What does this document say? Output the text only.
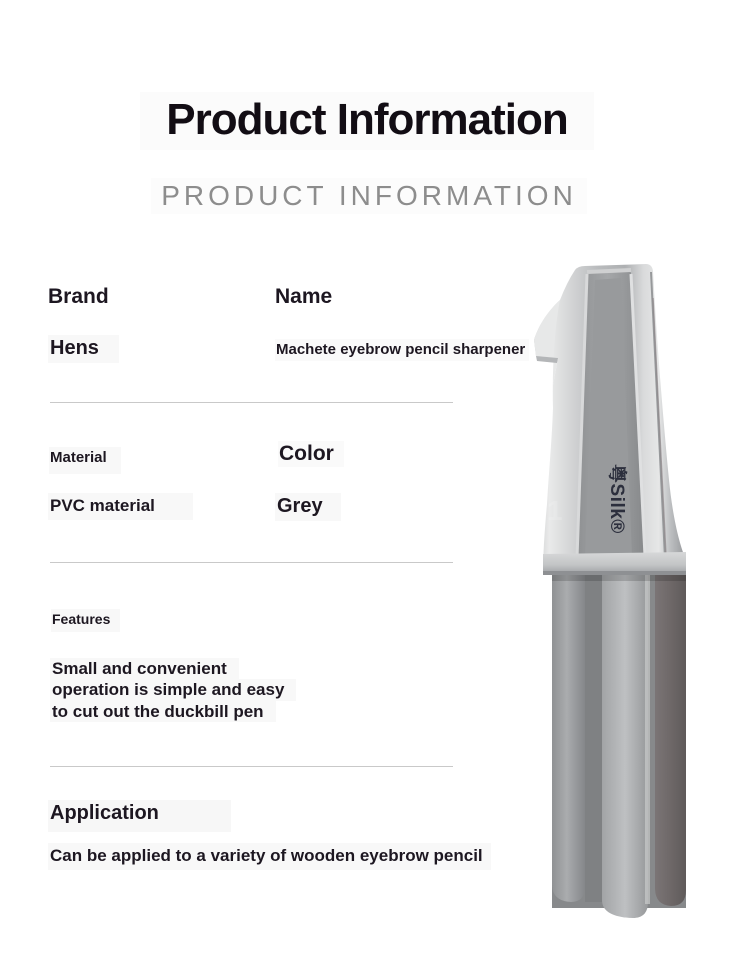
Product Information
PRODUCT INFORMATION
Brand	Name
Hens	Machete eyebrow pencil sharpener
Material	Color
PVC material	Grey
Features
Small and convenient
operation is simple and easy
to cut out the duckbill pen
Application
Can be applied to a variety of wooden eyebrow pencil
1 粤Silk®
